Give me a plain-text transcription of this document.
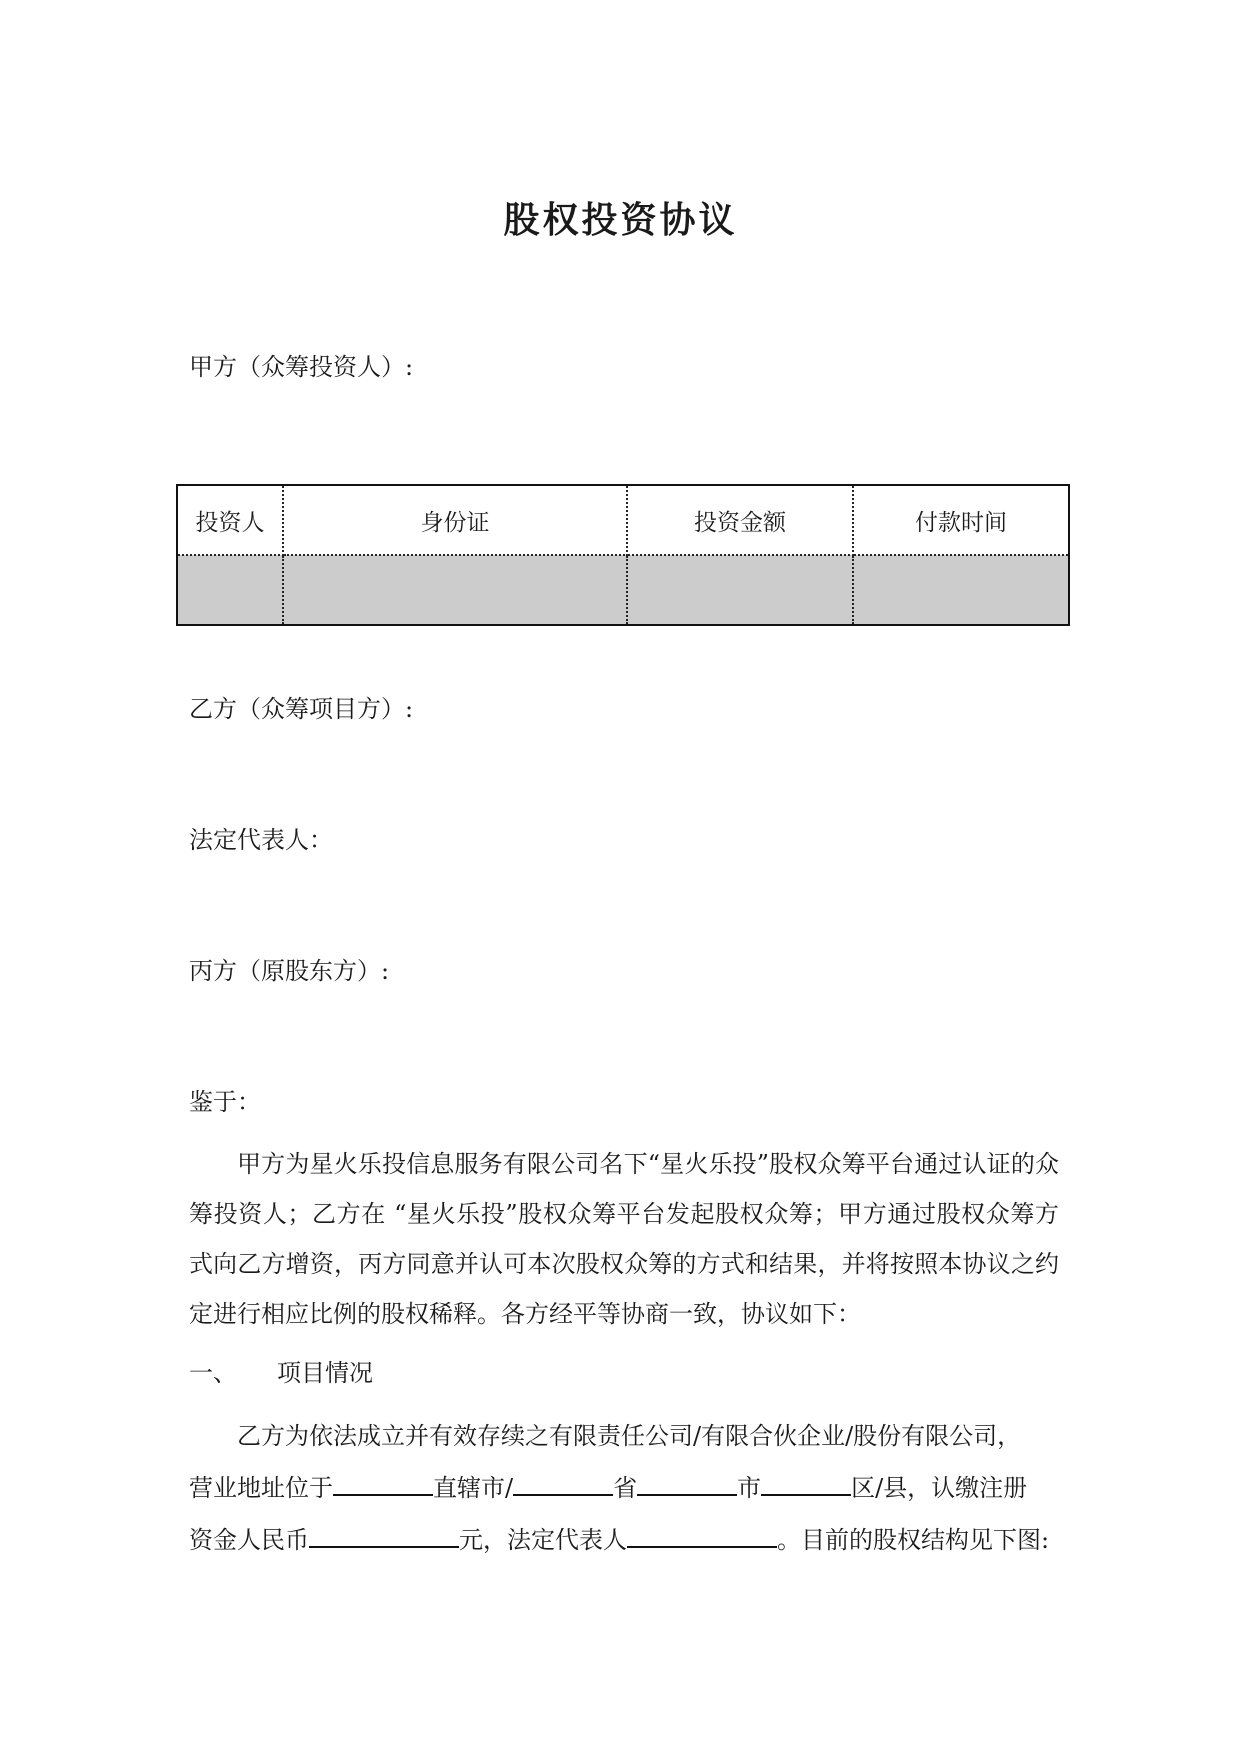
股权投资协议
甲方（众筹投资人）:
投资人	身份证	投资金额	付款时间

乙方（众筹项目方）:
法定代表人：
丙方（原股东方）:
鉴于：

甲方为星火乐投信息服务有限公司名下“星火乐投”股权众筹平台通过认证的众筹投资人；乙方在 “星火乐投”股权众筹平台发起股权众筹；甲方通过股权众筹方式向乙方增资，丙方同意并认可本次股权众筹的方式和结果，并将按照本协议之约定进行相应比例的股权稀释。各方经平等协商一致，协议如下：

一、 项目情况

乙方为依法成立并有效存续之有限责任公司/有限合伙企业/股份有限公司，

营业地址位于	直辖市/	省	市	区/县，认缴注册

资金人民币	元，法定代表人	。目前的股权结构见下图:
